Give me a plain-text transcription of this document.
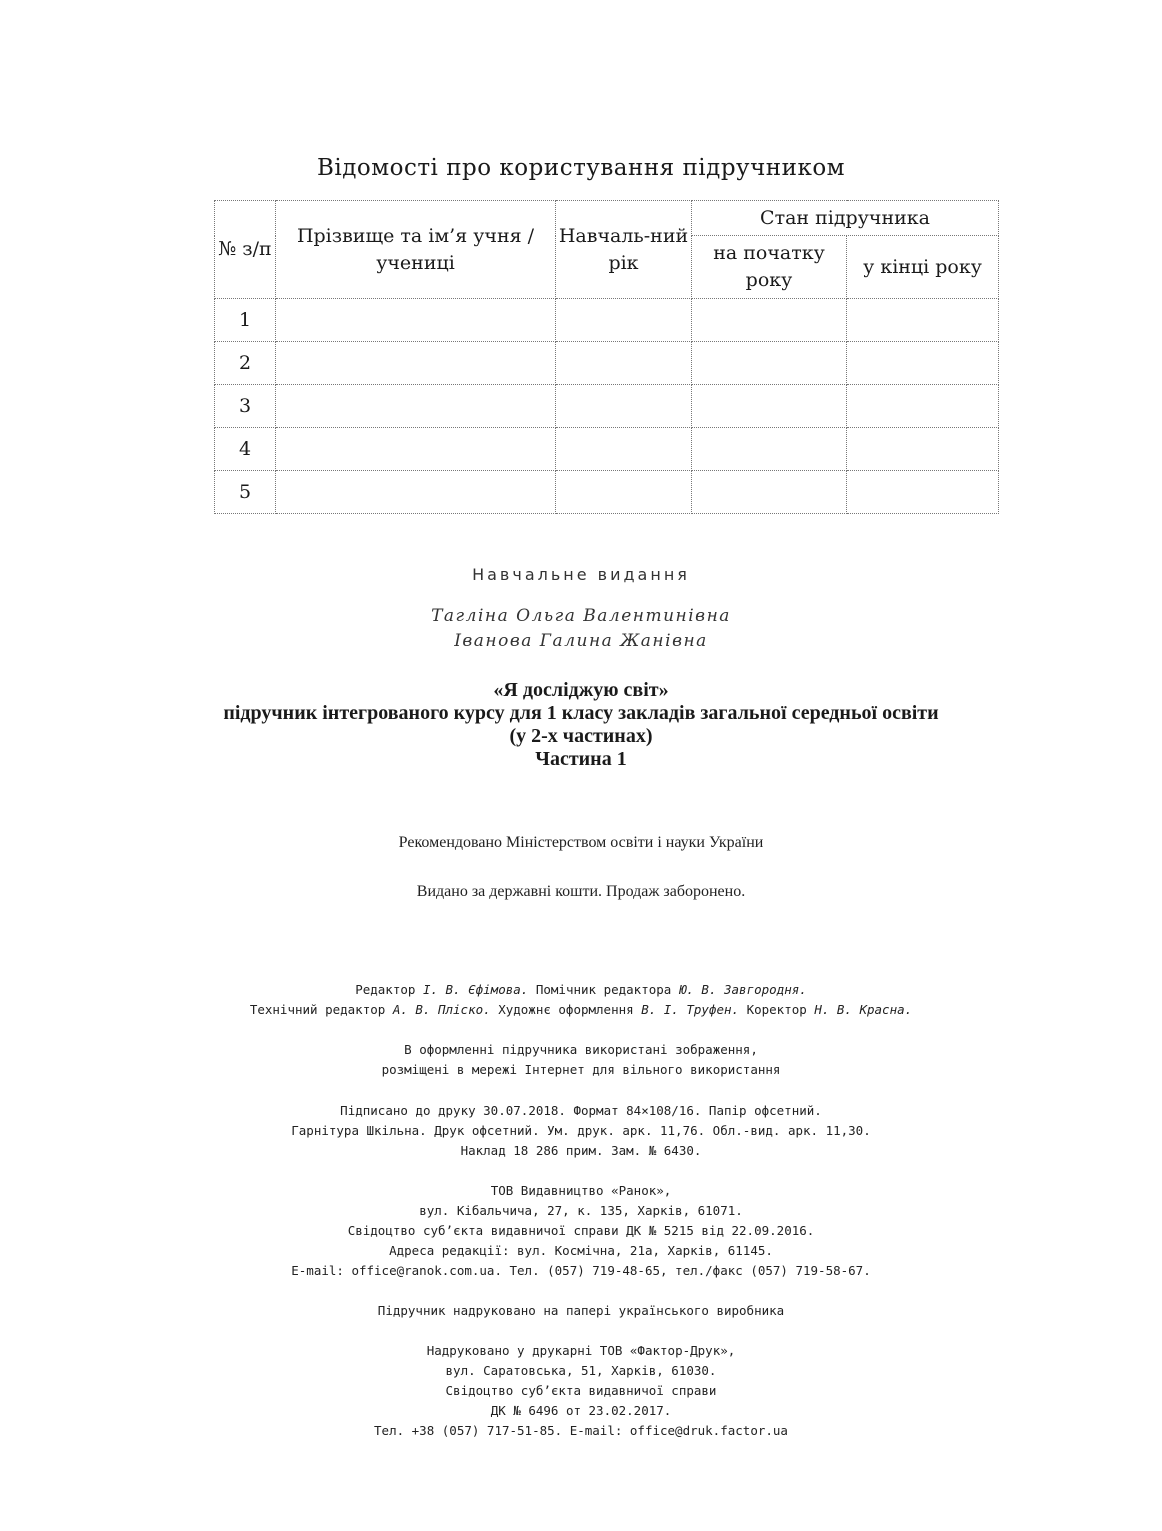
Відомості про користування підручником
№ з/п	Прізвище та ім’я учня / учениці	Навчаль-ний рік	Стан підручника	
			на початку року	у кінці року
1				
2				
3				
4				
5				
Навчальне видання
Тагліна Ольга Валентинівна
Іванова Галина Жанівна
«Я досліджую світ»
підручник інтегрованого курсу для 1 класу закладів загальної середньої освіти
(у 2-х частинах)
Частина 1
Рекомендовано Міністерством освіти і науки України
Видано за державні кошти. Продаж заборонено.
Редактор І. В. Єфімова. Помічник редактора Ю. В. Завгородня.
Технічний редактор А. В. Пліско. Художнє оформлення В. І. Труфен. Коректор Н. В. Красна.
В оформленні підручника використані зображення,
розміщені в мережі Інтернет для вільного використання
Підписано до друку 30.07.2018. Формат 84×108/16. Папір офсетний.
Гарнітура Шкільна. Друк офсетний. Ум. друк. арк. 11,76. Обл.-вид. арк. 11,30.
Наклад 18 286 прим. Зам. № 6430.
ТОВ Видавництво «Ранок»,
вул. Кібальчича, 27, к. 135, Харків, 61071.
Свідоцтво суб’єкта видавничої справи ДК № 5215 від 22.09.2016.
Адреса редакції: вул. Космічна, 21а, Харків, 61145.
E-mail: office@ranok.com.ua. Тел. (057) 719-48-65, тел./факс (057) 719-58-67.
Підручник надруковано на папері українського виробника
Надруковано у друкарні ТОВ «Фактор-Друк»,
вул. Саратовська, 51, Харків, 61030.
Свідоцтво суб’єкта видавничої справи
ДК № 6496 от 23.02.2017.
Тел. +38 (057) 717-51-85. E-mail: office@druk.factor.ua
